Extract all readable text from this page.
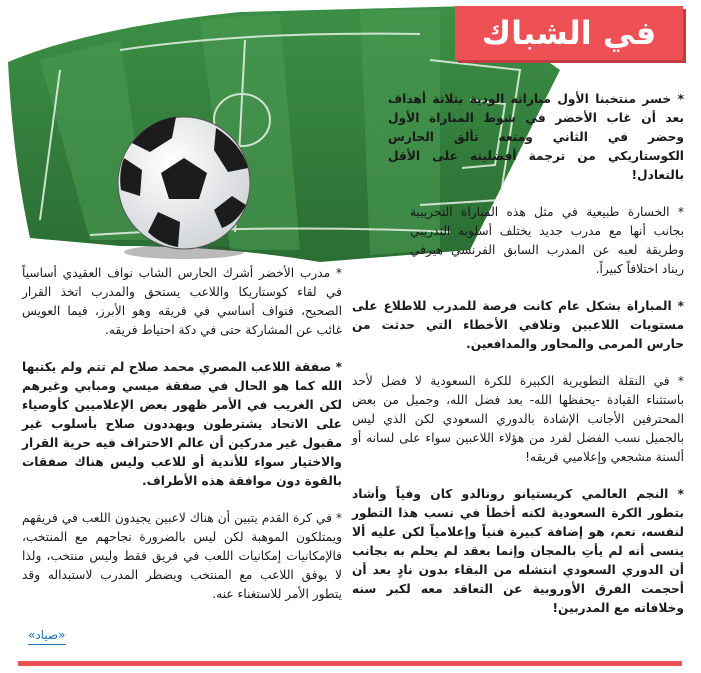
في الشباك

* خسر منتخبنا الأول مباراته الودية بثلاثة أهداف بعد أن غاب الأخضر في شوط المباراة الأول وحضر في الثاني ومنعه تألق الحارس الكوستاريكي من ترجمة أفضليته على الأقل بالتعادل!

* الخسارة طبيعية في مثل هذه المباراة التجريبية بجانب أنها مع مدرب جديد يختلف أسلوبه التدريبي وطريقة لعبه عن المدرب السابق الفرنسي هيرفي ريناد اختلافاً كبيراً.

* المباراة بشكل عام كانت فرصة للمدرب للاطلاع على مستويات اللاعبين وتلافي الأخطاء التي حدثت من حارس المرمى والمحاور والمدافعين.

* في النقلة التطويرية الكبيرة للكرة السعودية لا فضل لأحد باستثناء القيادة -يحفظها الله- بعد فضل الله، وجميل من بعض المحترفين الأجانب الإشادة بالدوري السعودي لكن الذي ليس بالجميل نسب الفضل لفرد من هؤلاء اللاعبين سواء على لسانه أو ألسنة مشجعي وإعلاميي فريقه!

* النجم العالمي كريستيانو رونالدو كان وفياً وأشاد بتطور الكرة السعودية لكنه أخطأ في نسب هذا التطور لنفسه، نعم، هو إضافة كبيرة فنياً وإعلامياً لكن عليه ألا ينسى أنه لم يأتِ بالمجان وإنما بعقد لم يحلم به بجانب أن الدوري السعودي انتشله من البقاء بدون نادٍ بعد أن أحجمت الفرق الأوروبية عن التعاقد معه لكبر سنه وخلافاته مع المدربين!

* مدرب الأخضر أشرك الحارس الشاب نواف العقيدي أساسياً في لقاء كوستاريكا واللاعب يستحق والمدرب اتخذ القرار الصحيح، فنواف أساسي في فريقه وهو الأبرز، فيما العويس غائب عن المشاركة حتى في دكة احتياط فريقه.

* صفقة اللاعب المصري محمد صلاح لم تتم ولم يكتبها الله كما هو الحال في صفقة ميسي ومبابي وغيرهم لكن الغريب في الأمر ظهور بعض الإعلاميين كأوصياء على الاتحاد يشترطون ويهددون صلاح بأسلوب غير مقبول غير مدركين أن عالم الاحتراف فيه حرية القرار والاختيار سواء للأندية أو للاعب وليس هناك صفقات بالقوة دون موافقة هذه الأطراف.

* في كرة القدم يتبين أن هناك لاعبين يجيدون اللعب في فريقهم ويمتلكون الموهبة لكن ليس بالضرورة نجاحهم مع المنتخب، فالإمكانيات إمكانيات اللعب في فريق فقط وليس منتخب، ولذا لا يوفق اللاعب مع المنتخب ويضطر المدرب لاستبداله وقد يتطور الأمر للاستغناء عنه.

«صياد»
